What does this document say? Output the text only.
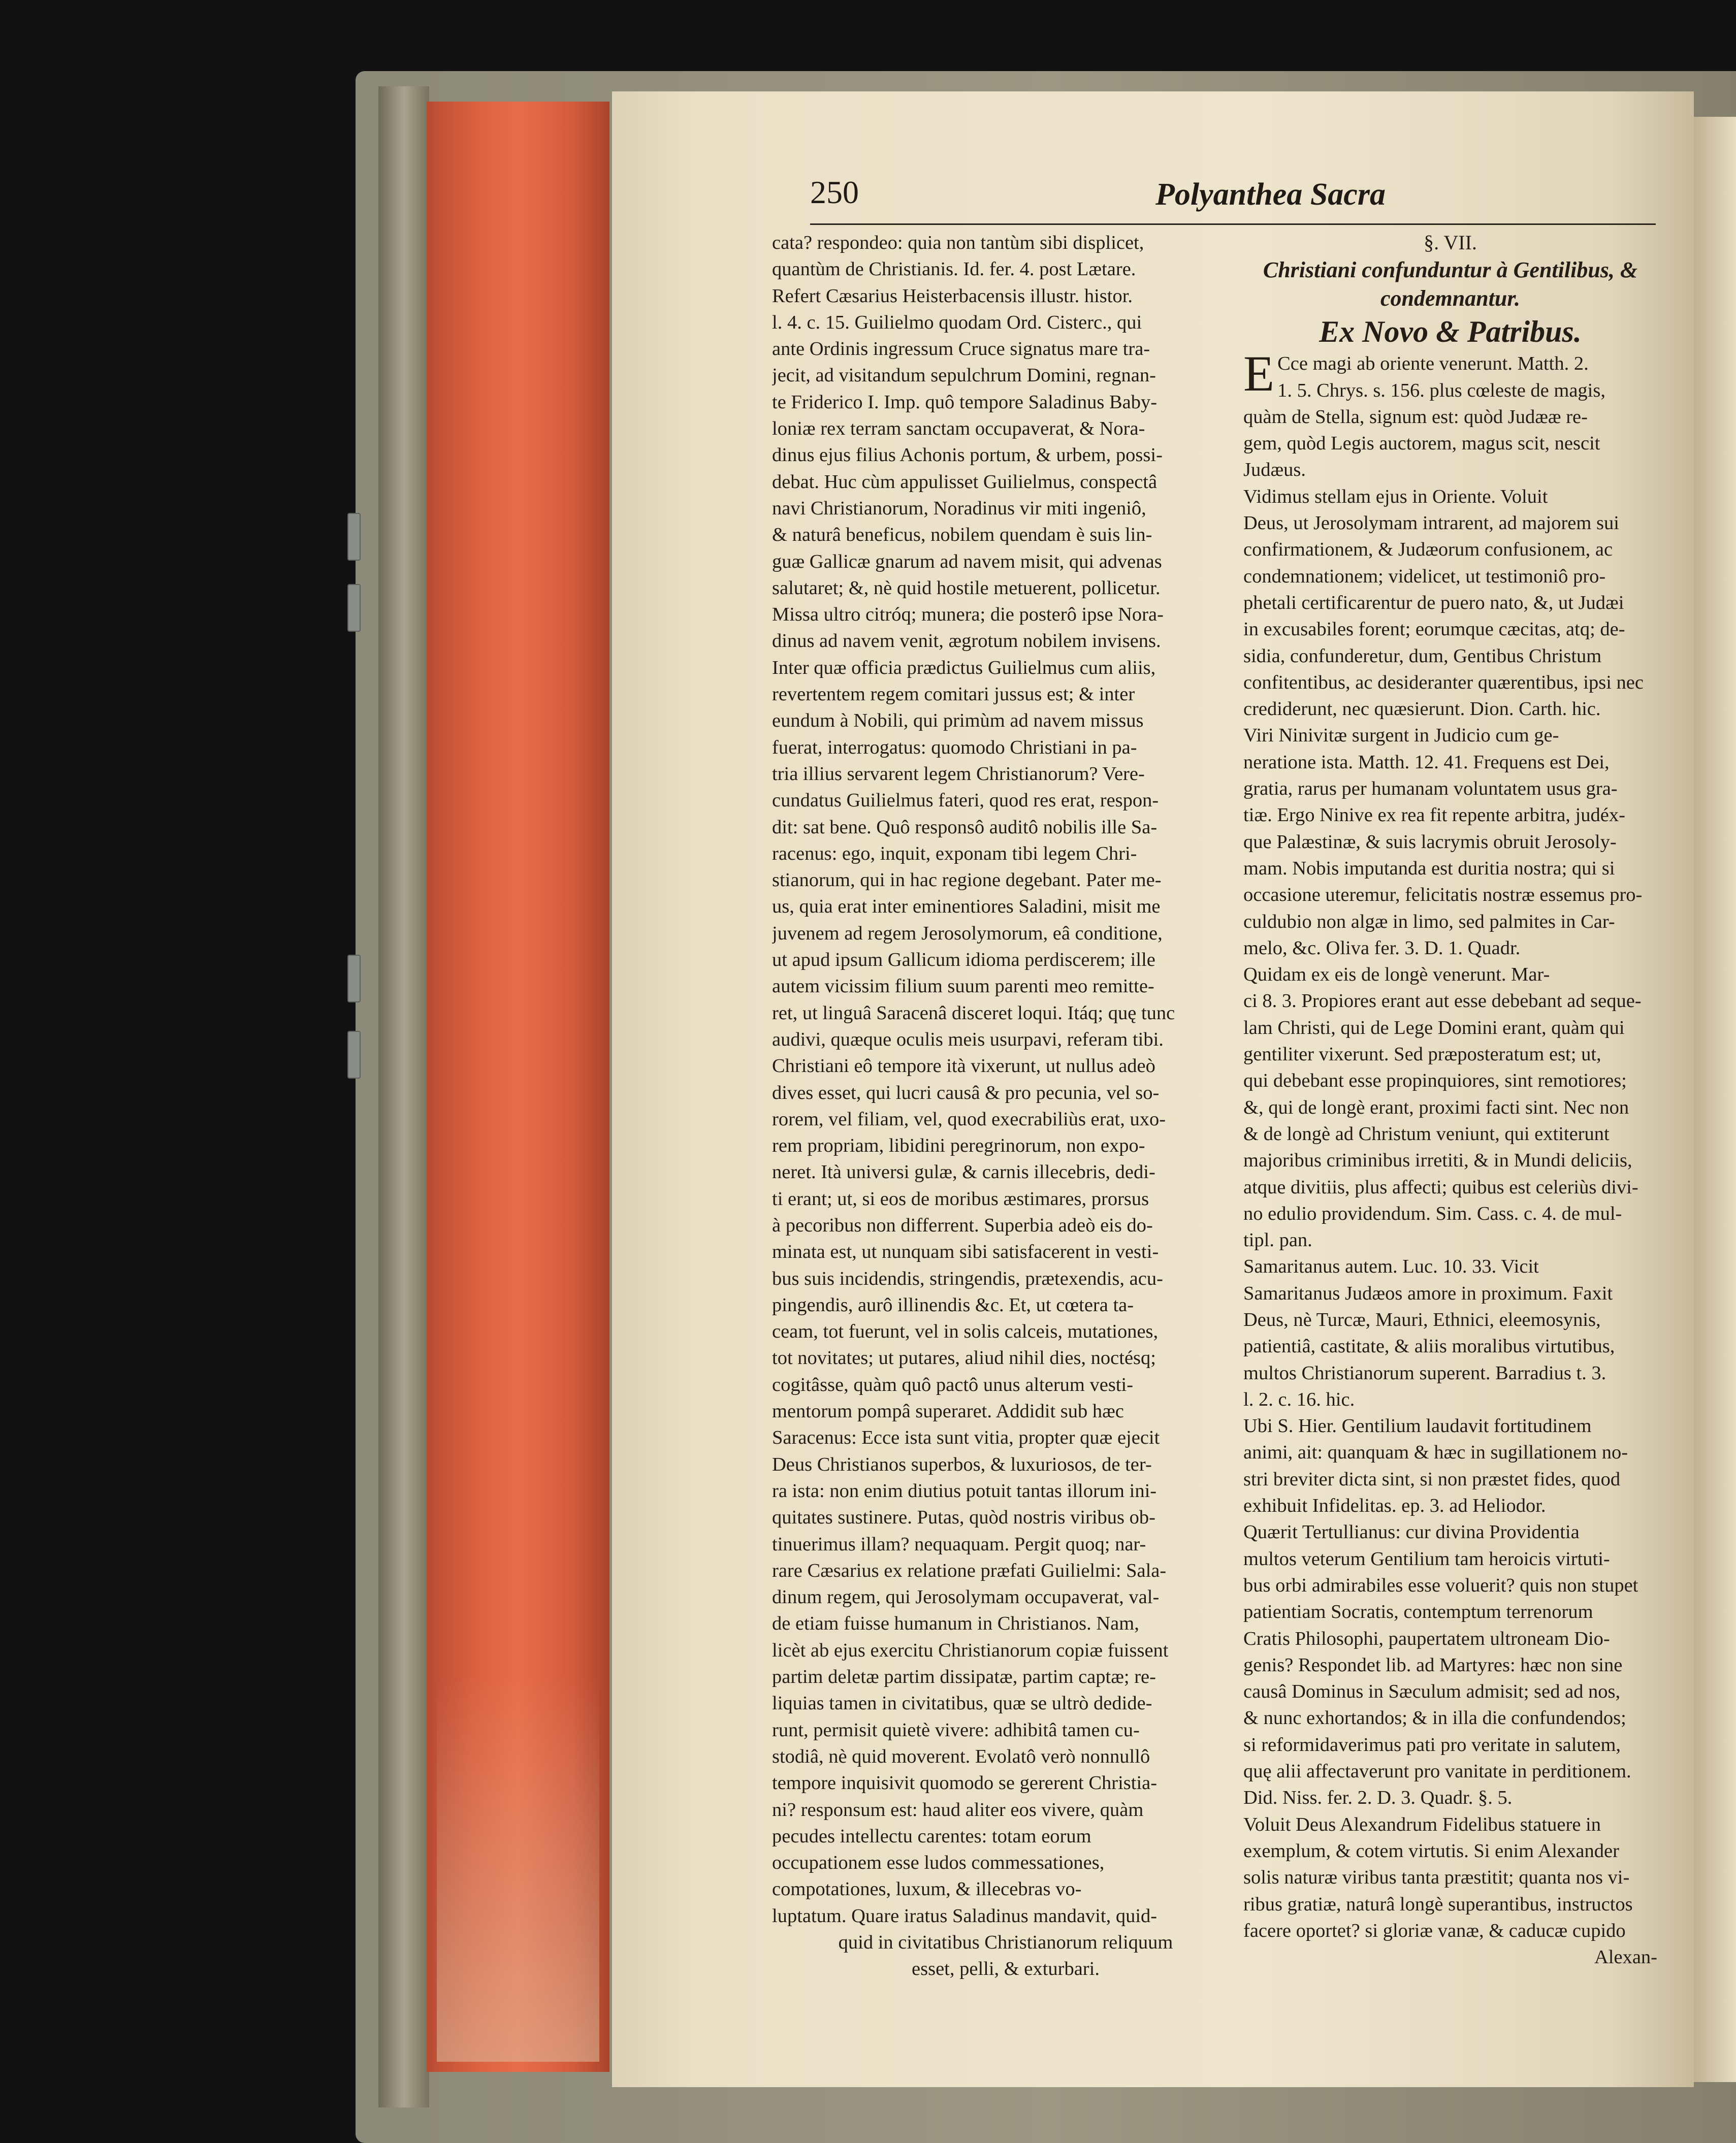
250	Polyanthea Sacra
cata? respondeo: quia non tantùm sibi displicet,
quantùm de Christianis. Id. fer. 4. post Lætare.
Refert Cæsarius Heisterbacensis illustr. histor.
l. 4. c. 15. Guilielmo quodam Ord. Cisterc., qui
ante Ordinis ingressum Cruce signatus mare tra-
jecit, ad visitandum sepulchrum Domini, regnan-
te Friderico I. Imp. quô tempore Saladinus Baby-
loniæ rex terram sanctam occupaverat, & Nora-
dinus ejus filius Achonis portum, & urbem, possi-
debat. Huc cùm appulisset Guilielmus, conspectâ
navi Christianorum, Noradinus vir miti ingeniô,
& naturâ beneficus, nobilem quendam è suis lin-
guæ Gallicæ gnarum ad navem misit, qui advenas
salutaret; &, nè quid hostile metuerent, pollicetur.
Missa ultro citróq; munera; die posterô ipse Nora-
dinus ad navem venit, ægrotum nobilem invisens.
Inter quæ officia prædictus Guilielmus cum aliis,
revertentem regem comitari jussus est; & inter
eundum à Nobili, qui primùm ad navem missus
fuerat, interrogatus: quomodo Christiani in pa-
tria illius servarent legem Christianorum? Vere-
cundatus Guilielmus fateri, quod res erat, respon-
dit: sat bene. Quô responsô auditô nobilis ille Sa-
racenus: ego, inquit, exponam tibi legem Chri-
stianorum, qui in hac regione degebant. Pater me-
us, quia erat inter eminentiores Saladini, misit me
juvenem ad regem Jerosolymorum, eâ conditione,
ut apud ipsum Gallicum idioma perdiscerem; ille
autem vicissim filium suum parenti meo remitte-
ret, ut linguâ Saracenâ disceret loqui. Itáq; quę tunc
audivi, quæque oculis meis usurpavi, referam tibi.
Christiani eô tempore ità vixerunt, ut nullus adeò
dives esset, qui lucri causâ & pro pecunia, vel so-
rorem, vel filiam, vel, quod execrabiliùs erat, uxo-
rem propriam, libidini peregrinorum, non expo-
neret. Ità universi gulæ, & carnis illecebris, dedi-
ti erant; ut, si eos de moribus æstimares, prorsus
à pecoribus non differrent. Superbia adeò eis do-
minata est, ut nunquam sibi satisfacerent in vesti-
bus suis incidendis, stringendis, prætexendis, acu-
pingendis, aurô illinendis &c. Et, ut cœtera ta-
ceam, tot fuerunt, vel in solis calceis, mutationes,
tot novitates; ut putares, aliud nihil dies, noctésq;
cogitâsse, quàm quô pactô unus alterum vesti-
mentorum pompâ superaret. Addidit sub hæc
Saracenus: Ecce ista sunt vitia, propter quæ ejecit
Deus Christianos superbos, & luxuriosos, de ter-
ra ista: non enim diutius potuit tantas illorum ini-
quitates sustinere. Putas, quòd nostris viribus ob-
tinuerimus illam? nequaquam. Pergit quoq; nar-
rare Cæsarius ex relatione præfati Guilielmi: Sala-
dinum regem, qui Jerosolymam occupaverat, val-
de etiam fuisse humanum in Christianos. Nam,
licèt ab ejus exercitu Christianorum copiæ fuissent
partim deletæ partim dissipatæ, partim captæ; re-
liquias tamen in civitatibus, quæ se ultrò dedide-
runt, permisit quietè vivere: adhibitâ tamen cu-
stodiâ, nè quid moverent. Evolatô verò nonnullô
tempore inquisivit quomodo se gererent Christia-
ni? responsum est: haud aliter eos vivere, quàm
pecudes intellectu carentes: totam eorum
occupationem esse ludos commessationes,
compotationes, luxum, & illecebras vo-
luptatum. Quare iratus Saladinus mandavit, quid-
quid in civitatibus Christianorum reliquum
esset, pelli, & exturbari.
§. VII.
Christiani confunduntur à Gentilibus, & condemnantur.
Ex Novo & Patribus.
E Cce magi ab oriente venerunt. Matth. 2.
1. 5. Chrys. s. 156. plus cœleste de magis,
quàm de Stella, signum est: quòd Judææ re-
gem, quòd Legis auctorem, magus scit, nescit
Judæus.
Vidimus stellam ejus in Oriente. Voluit
Deus, ut Jerosolymam intrarent, ad majorem sui
confirmationem, & Judæorum confusionem, ac
condemnationem; videlicet, ut testimoniô pro-
phetali certificarentur de puero nato, &, ut Judæi
in excusabiles forent; eorumque cæcitas, atq; de-
sidia, confunderetur, dum, Gentibus Christum
confitentibus, ac desideranter quærentibus, ipsi nec
crediderunt, nec quæsierunt. Dion. Carth. hic.
Viri Ninivitæ surgent in Judicio cum ge-
neratione ista. Matth. 12. 41. Frequens est Dei,
gratia, rarus per humanam voluntatem usus gra-
tiæ. Ergo Ninive ex rea fit repente arbitra, judéx-
que Palæstinæ, & suis lacrymis obruit Jerosoly-
mam. Nobis imputanda est duritia nostra; qui si
occasione uteremur, felicitatis nostræ essemus pro-
culdubio non algæ in limo, sed palmites in Car-
melo, &c. Oliva fer. 3. D. 1. Quadr.
Quidam ex eis de longè venerunt. Mar-
ci 8. 3. Propiores erant aut esse debebant ad seque-
lam Christi, qui de Lege Domini erant, quàm qui
gentiliter vixerunt. Sed præposteratum est; ut,
qui debebant esse propinquiores, sint remotiores;
&, qui de longè erant, proximi facti sint. Nec non
& de longè ad Christum veniunt, qui extiterunt
majoribus criminibus irretiti, & in Mundi deliciis,
atque divitiis, plus affecti; quibus est celeriùs divi-
no edulio providendum. Sim. Cass. c. 4. de mul-
tipl. pan.
Samaritanus autem. Luc. 10. 33. Vicit
Samaritanus Judæos amore in proximum. Faxit
Deus, nè Turcæ, Mauri, Ethnici, eleemosynis,
patientiâ, castitate, & aliis moralibus virtutibus,
multos Christianorum superent. Barradius t. 3.
l. 2. c. 16. hic.
Ubi S. Hier. Gentilium laudavit fortitudinem
animi, ait: quanquam & hæc in sugillationem no-
stri breviter dicta sint, si non præstet fides, quod
exhibuit Infidelitas. ep. 3. ad Heliodor.
Quærit Tertullianus: cur divina Providentia
multos veterum Gentilium tam heroicis virtuti-
bus orbi admirabiles esse voluerit? quis non stupet
patientiam Socratis, contemptum terrenorum
Cratis Philosophi, paupertatem ultroneam Dio-
genis? Respondet lib. ad Martyres: hæc non sine
causâ Dominus in Sæculum admisit; sed ad nos,
& nunc exhortandos; & in illa die confundendos;
si reformidaverimus pati pro veritate in salutem,
quę alii affectaverunt pro vanitate in perditionem.
Did. Niss. fer. 2. D. 3. Quadr. §. 5.
Voluit Deus Alexandrum Fidelibus statuere in
exemplum, & cotem virtutis. Si enim Alexander
solis naturæ viribus tanta præstitit; quanta nos vi-
ribus gratiæ, naturâ longè superantibus, instructos
facere oportet? si gloriæ vanæ, & caducæ cupido
Alexan-
